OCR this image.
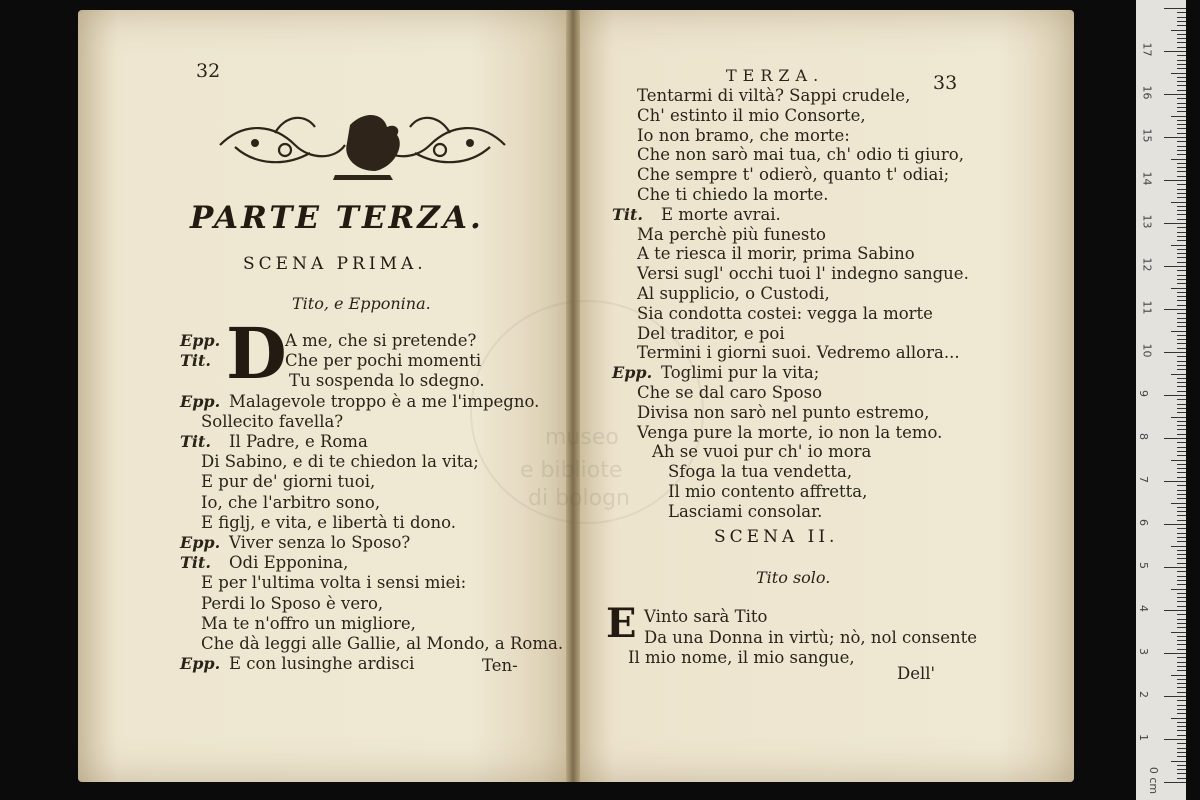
museo
e bibliote
di bologn
32
PARTE TERZA.
SCENA PRIMA.
Tito, e Epponina.
D
Epp.	A me, che si pretende?
Tit.	Che per pochi momenti
Tu sospenda lo sdegno.
Epp. Malagevole troppo è a me l'impegno.
Sollecito favella?
Tit. Il Padre, e Roma
Di Sabino, e di te chiedon la vita;
E pur de' giorni tuoi,
Io, che l'arbitro sono,
E figlj, e vita, e libertà ti dono.
Epp. Viver senza lo Sposo?
Tit. Odi Epponina,
E per l'ultima volta i sensi miei:
Perdi lo Sposo è vero,
Ma te n'offro un migliore,
Che dà leggi alle Gallie, al Mondo, a Roma.
Epp. E con lusinghe ardisci	Ten-
TERZA.	33
Tentarmi di viltà? Sappi crudele,
Ch' estinto il mio Consorte,
Io non bramo, che morte:
Che non sarò mai tua, ch' odio ti giuro,
Che sempre t' odierò, quanto t' odiai;
Che ti chiedo la morte.
Tit. E morte avrai.
Ma perchè più funesto
A te riesca il morir, prima Sabino
Versi sugl' occhi tuoi l' indegno sangue.
Al supplicio, o Custodi,
Sia condotta costei: vegga la morte
Del traditor, e poi
Termini i giorni suoi. Vedremo allora...
Epp. Toglimi pur la vita;
Che se dal caro Sposo
Divisa non sarò nel punto estremo,
Venga pure la morte, io non la temo.
Ah se vuoi pur ch' io mora
Sfoga la tua vendetta,
Il mio contento affretta,
Lasciami consolar.
SCENA II.
Tito solo.
E Vinto sarà Tito
Da una Donna in virtù; nò, nol consente
Il mio nome, il mio sangue,
Dell'
0 cm
1
2
3
4
5
6
7
8
9
10
11
12
13
14
15
16
17
